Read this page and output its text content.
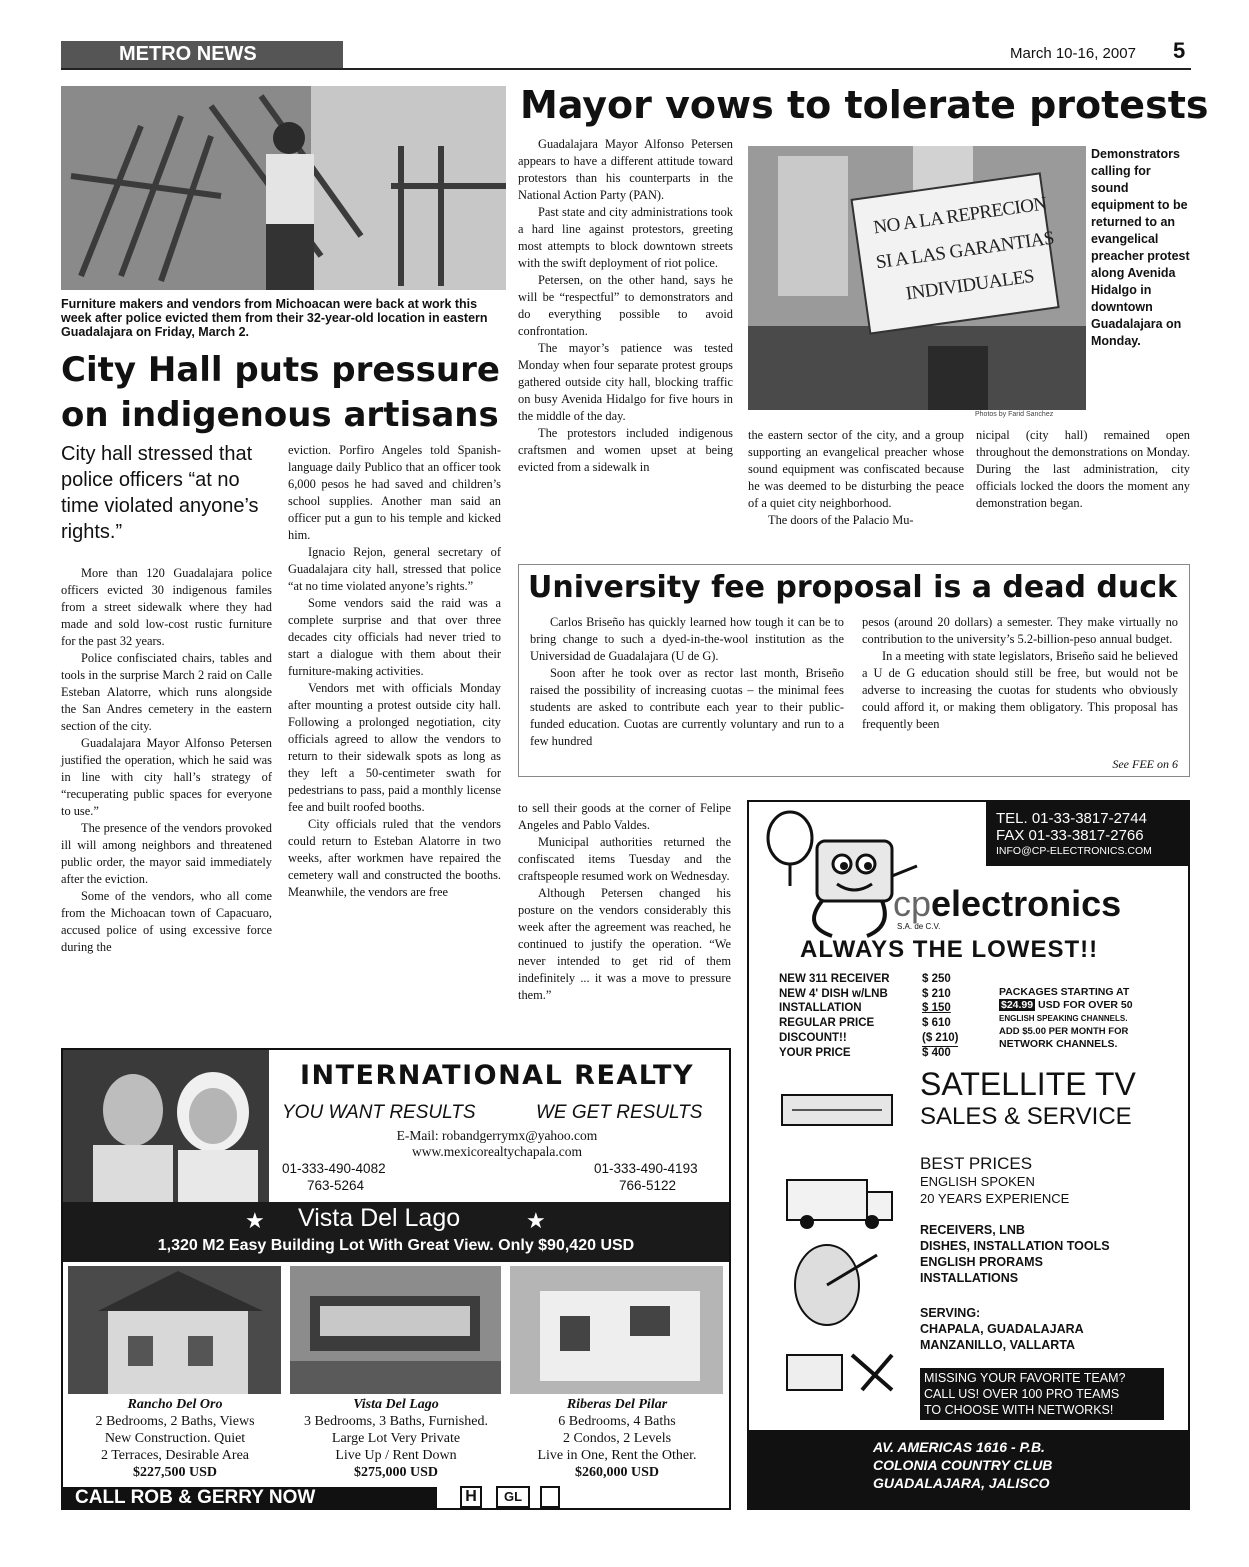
METRO NEWS	March 10-16, 2007 5
Furniture makers and vendors from Michoacan were back at work this week after police evicted them from their 32-year-old location in eastern Guadalajara on Friday, March 2.
City Hall puts pressure on indigenous artisans
City hall stressed that police officers “at no time violated anyone’s rights.”

More than 120 Guadalajara police officers evicted 30 indigenous familes from a street sidewalk where they had made and sold low-cost rustic furniture for the past 32 years.

Police confisciated chairs, tables and tools in the surprise March 2 raid on Calle Esteban Alatorre, which runs alongside the San Andres cemetery in the eastern section of the city.

Guadalajara Mayor Alfonso Petersen justified the operation, which he said was in line with city hall’s strategy of “recuperating public spaces for everyone to use.”

The presence of the vendors provoked ill will among neighbors and threatened public order, the mayor said immediately after the eviction.

Some of the vendors, who all come from the Michoacan town of Capacuaro, accused police of using excessive force during the

eviction. Porfiro Angeles told Spanish-language daily Publico that an officer took 6,000 pesos he had saved and children’s school supplies. Another man said an officer put a gun to his temple and kicked him.

Ignacio Rejon, general secretary of Guadalajara city hall, stressed that police “at no time violated anyone’s rights.”

Some vendors said the raid was a complete surprise and that over three decades city officials had never tried to start a dialogue with them about their furniture-making activities.

Vendors met with officials Monday after mounting a protest outside city hall. Following a prolonged negotiation, city officials agreed to allow the vendors to return to their sidewalk spots as long as they left a 50-centimeter swath for pedestrians to pass, paid a monthly license fee and built roofed booths.

City officials ruled that the vendors could return to Esteban Alatorre in two weeks, after workmen have repaired the cemetery wall and constructed the booths. Meanwhile, the vendors are free

to sell their goods at the corner of Felipe Angeles and Pablo Valdes.

Municipal authorities returned the confiscated items Tuesday and the craftspeople resumed work on Wednesday.

Although Petersen changed his posture on the vendors considerably this week after the agreement was reached, he continued to justify the operation. “We never intended to get rid of them indefinitely ... it was a move to pressure them.”

Mayor vows to tolerate protests

Guadalajara Mayor Alfonso Petersen appears to have a different attitude toward protestors than his counterparts in the National Action Party (PAN).

Past state and city administrations took a hard line against protestors, greeting most attempts to block downtown streets with the swift deployment of riot police.

Petersen, on the other hand, says he will be “respectful” to demonstrators and do everything possible to avoid confrontation.

The mayor’s patience was tested Monday when four separate protest groups gathered outside city hall, blocking traffic on busy Avenida Hidalgo for five hours in the middle of the day.

The protestors included indigenous craftsmen and women upset at being evicted from a sidewalk in

NO A LA REPRECION
SI A LAS GARANTIAS
INDIVIDUALES
Photos by Farid Sanchez
Demonstrators calling for sound equipment to be returned to an evangelical preacher protest along Avenida Hidalgo in downtown Guadalajara on Monday.

the eastern sector of the city, and a group supporting an evangelical preacher whose sound equipment was confiscated because he was deemed to be disturbing the peace of a quiet city neighborhood.

The doors of the Palacio Mu-

nicipal (city hall) remained open throughout the demonstrations on Monday. During the last administration, city officials locked the doors the moment any demonstration began.

University fee proposal is a dead duck

Carlos Briseño has quickly learned how tough it can be to bring change to such a dyed-in-the-wool institution as the Universidad de Guadalajara (U de G).

Soon after he took over as rector last month, Briseño raised the possibility of increasing cuotas – the minimal fees students are asked to contribute each year to their public-funded education. Cuotas are currently voluntary and run to a few hundred

pesos (around 20 dollars) a semester. They make virtually no contribution to the university’s 5.2-billion-peso annual budget.

In a meeting with state legislators, Briseño said he believed a U de G education should still be free, but would not be adverse to increasing the cuotas for students who obviously could afford it, or making them obligatory. This proposal has frequently been

See FEE on 6
INTERNATIONAL REALTY
YOU WANT RESULTS	WE GET RESULTS
E-Mail: robandgerrymx@yahoo.com
www.mexicorealtychapala.com
01-333-490-4082
763-5264
01-333-490-4193
766-5122
★ Vista Del Lago	★
1,320 M2 Easy Building Lot With Great View. Only $90,420 USD
Rancho Del Oro
2 Bedrooms, 2 Baths, Views
New Construction. Quiet
2 Terraces, Desirable Area
$227,500 USD
Vista Del Lago
3 Bedrooms, 3 Baths, Furnished.
Large Lot Very Private
Live Up / Rent Down
$275,000 USD
Riberas Del Pilar
6 Bedrooms, 4 Baths
2 Condos, 2 Levels
Live in One, Rent the Other.
$260,000 USD
CALL ROB & GERRY NOW	H	GL
TEL. 01-33-3817-2744
FAX 01-33-3817-2766
INFO@CP-ELECTRONICS.COM
cpelectronics
S.A. de C.V.
ALWAYS THE LOWEST!!
NEW 311 RECEIVER	$ 250
NEW 4' DISH w/LNB	$ 210
INSTALLATION	$ 150
REGULAR PRICE	$ 610
DISCOUNT!!	($ 210)
YOUR PRICE	$ 400
PACKAGES STARTING AT
$24.99 USD FOR OVER 50
ENGLISH SPEAKING CHANNELS.
ADD $5.00 PER MONTH FOR
NETWORK CHANNELS.
SATELLITE TV
SALES & SERVICE
BEST PRICES
ENGLISH SPOKEN
20 YEARS EXPERIENCE
RECEIVERS, LNB
DISHES, INSTALLATION TOOLS
ENGLISH PRORAMS
INSTALLATIONS
SERVING:
CHAPALA, GUADALAJARA
MANZANILLO, VALLARTA
MISSING YOUR FAVORITE TEAM?
CALL US! OVER 100 PRO TEAMS
TO CHOOSE WITH NETWORKS!
AV. AMERICAS 1616 - P.B.
COLONIA COUNTRY CLUB
GUADALAJARA, JALISCO
